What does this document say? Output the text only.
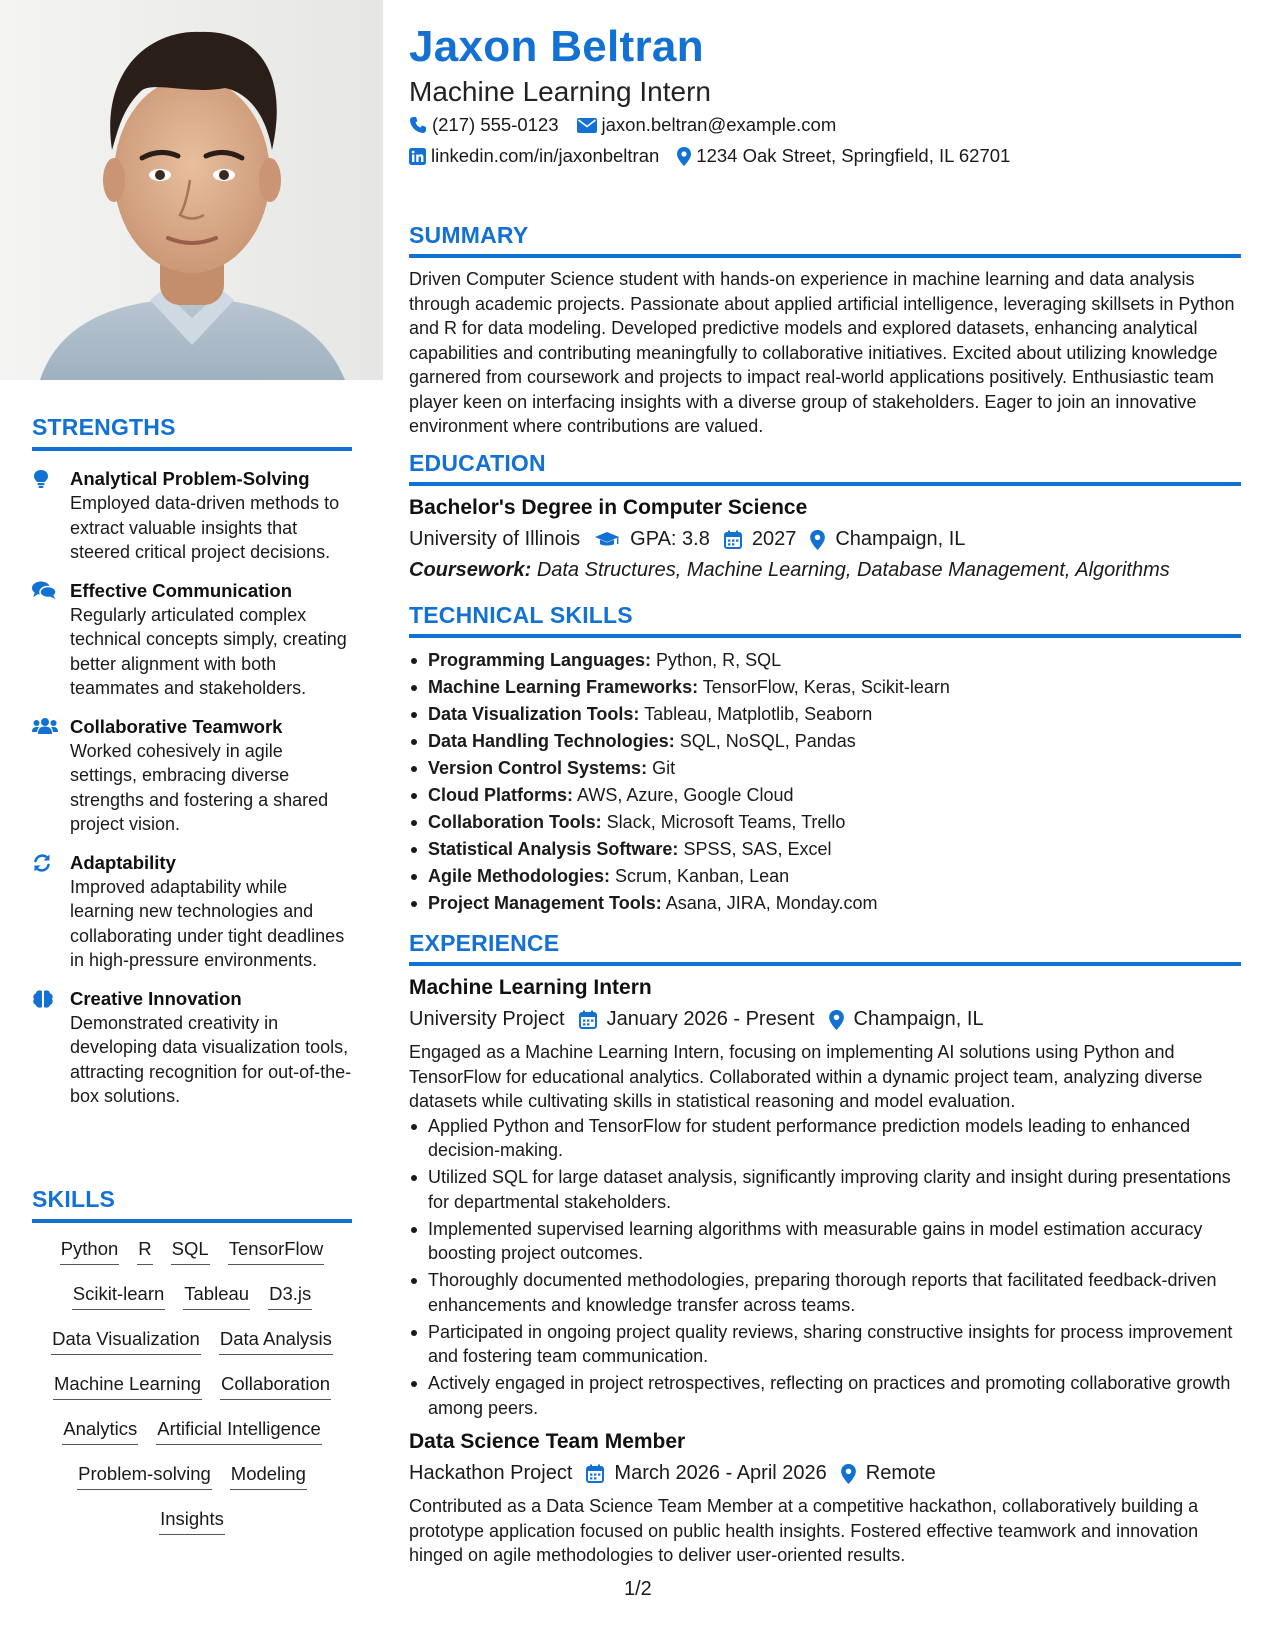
STRENGTHS
Analytical Problem-Solving
Employed data-driven methods to extract valuable insights that steered critical project decisions.
Effective Communication
Regularly articulated complex technical concepts simply, creating better alignment with both teammates and stakeholders.
Collaborative Teamwork
Worked cohesively in agile settings, embracing diverse strengths and fostering a shared project vision.
Adaptability
Improved adaptability while learning new technologies and collaborating under tight deadlines in high-pressure environments.
Creative Innovation
Demonstrated creativity in developing data visualization tools, attracting recognition for out-of-the-box solutions.
SKILLS
Python R SQL TensorFlow
Scikit-learn Tableau D3.js
Data Visualization Data Analysis
Machine Learning Collaboration
Analytics Artificial Intelligence
Problem-solving Modeling
Insights
Jaxon Beltran
Machine Learning Intern
(217) 555-0123 jaxon.beltran@example.com
linkedin.com/in/jaxonbeltran 1234 Oak Street, Springfield, IL 62701
SUMMARY
Driven Computer Science student with hands-on experience in machine learning and data analysis through academic projects. Passionate about applied artificial intelligence, leveraging skillsets in Python and R for data modeling. Developed predictive models and explored datasets, enhancing analytical capabilities and contributing meaningfully to collaborative initiatives. Excited about utilizing knowledge garnered from coursework and projects to impact real-world applications positively. Enthusiastic team player keen on interfacing insights with a diverse group of stakeholders. Eager to join an innovative environment where contributions are valued.
EDUCATION
Bachelor's Degree in Computer Science
University of Illinois	GPA: 3.8 2027 Champaign, IL
Coursework: Data Structures, Machine Learning, Database Management, Algorithms
TECHNICAL SKILLS
Programming Languages: Python, R, SQL
Machine Learning Frameworks: TensorFlow, Keras, Scikit-learn
Data Visualization Tools: Tableau, Matplotlib, Seaborn
Data Handling Technologies: SQL, NoSQL, Pandas
Version Control Systems: Git
Cloud Platforms: AWS, Azure, Google Cloud
Collaboration Tools: Slack, Microsoft Teams, Trello
Statistical Analysis Software: SPSS, SAS, Excel
Agile Methodologies: Scrum, Kanban, Lean
Project Management Tools: Asana, JIRA, Monday.com
EXPERIENCE
Machine Learning Intern
University Project January 2026 - Present Champaign, IL
Engaged as a Machine Learning Intern, focusing on implementing AI solutions using Python and TensorFlow for educational analytics. Collaborated within a dynamic project team, analyzing diverse datasets while cultivating skills in statistical reasoning and model evaluation.
Applied Python and TensorFlow for student performance prediction models leading to enhanced decision-making.
Utilized SQL for large dataset analysis, significantly improving clarity and insight during presentations for departmental stakeholders.
Implemented supervised learning algorithms with measurable gains in model estimation accuracy boosting project outcomes.
Thoroughly documented methodologies, preparing thorough reports that facilitated feedback-driven enhancements and knowledge transfer across teams.
Participated in ongoing project quality reviews, sharing constructive insights for process improvement and fostering team communication.
Actively engaged in project retrospectives, reflecting on practices and promoting collaborative growth among peers.
Data Science Team Member
Hackathon Project March 2026 - April 2026 Remote
Contributed as a Data Science Team Member at a competitive hackathon, collaboratively building a prototype application focused on public health insights. Fostered effective teamwork and innovation hinged on agile methodologies to deliver user-oriented results.
1/2
